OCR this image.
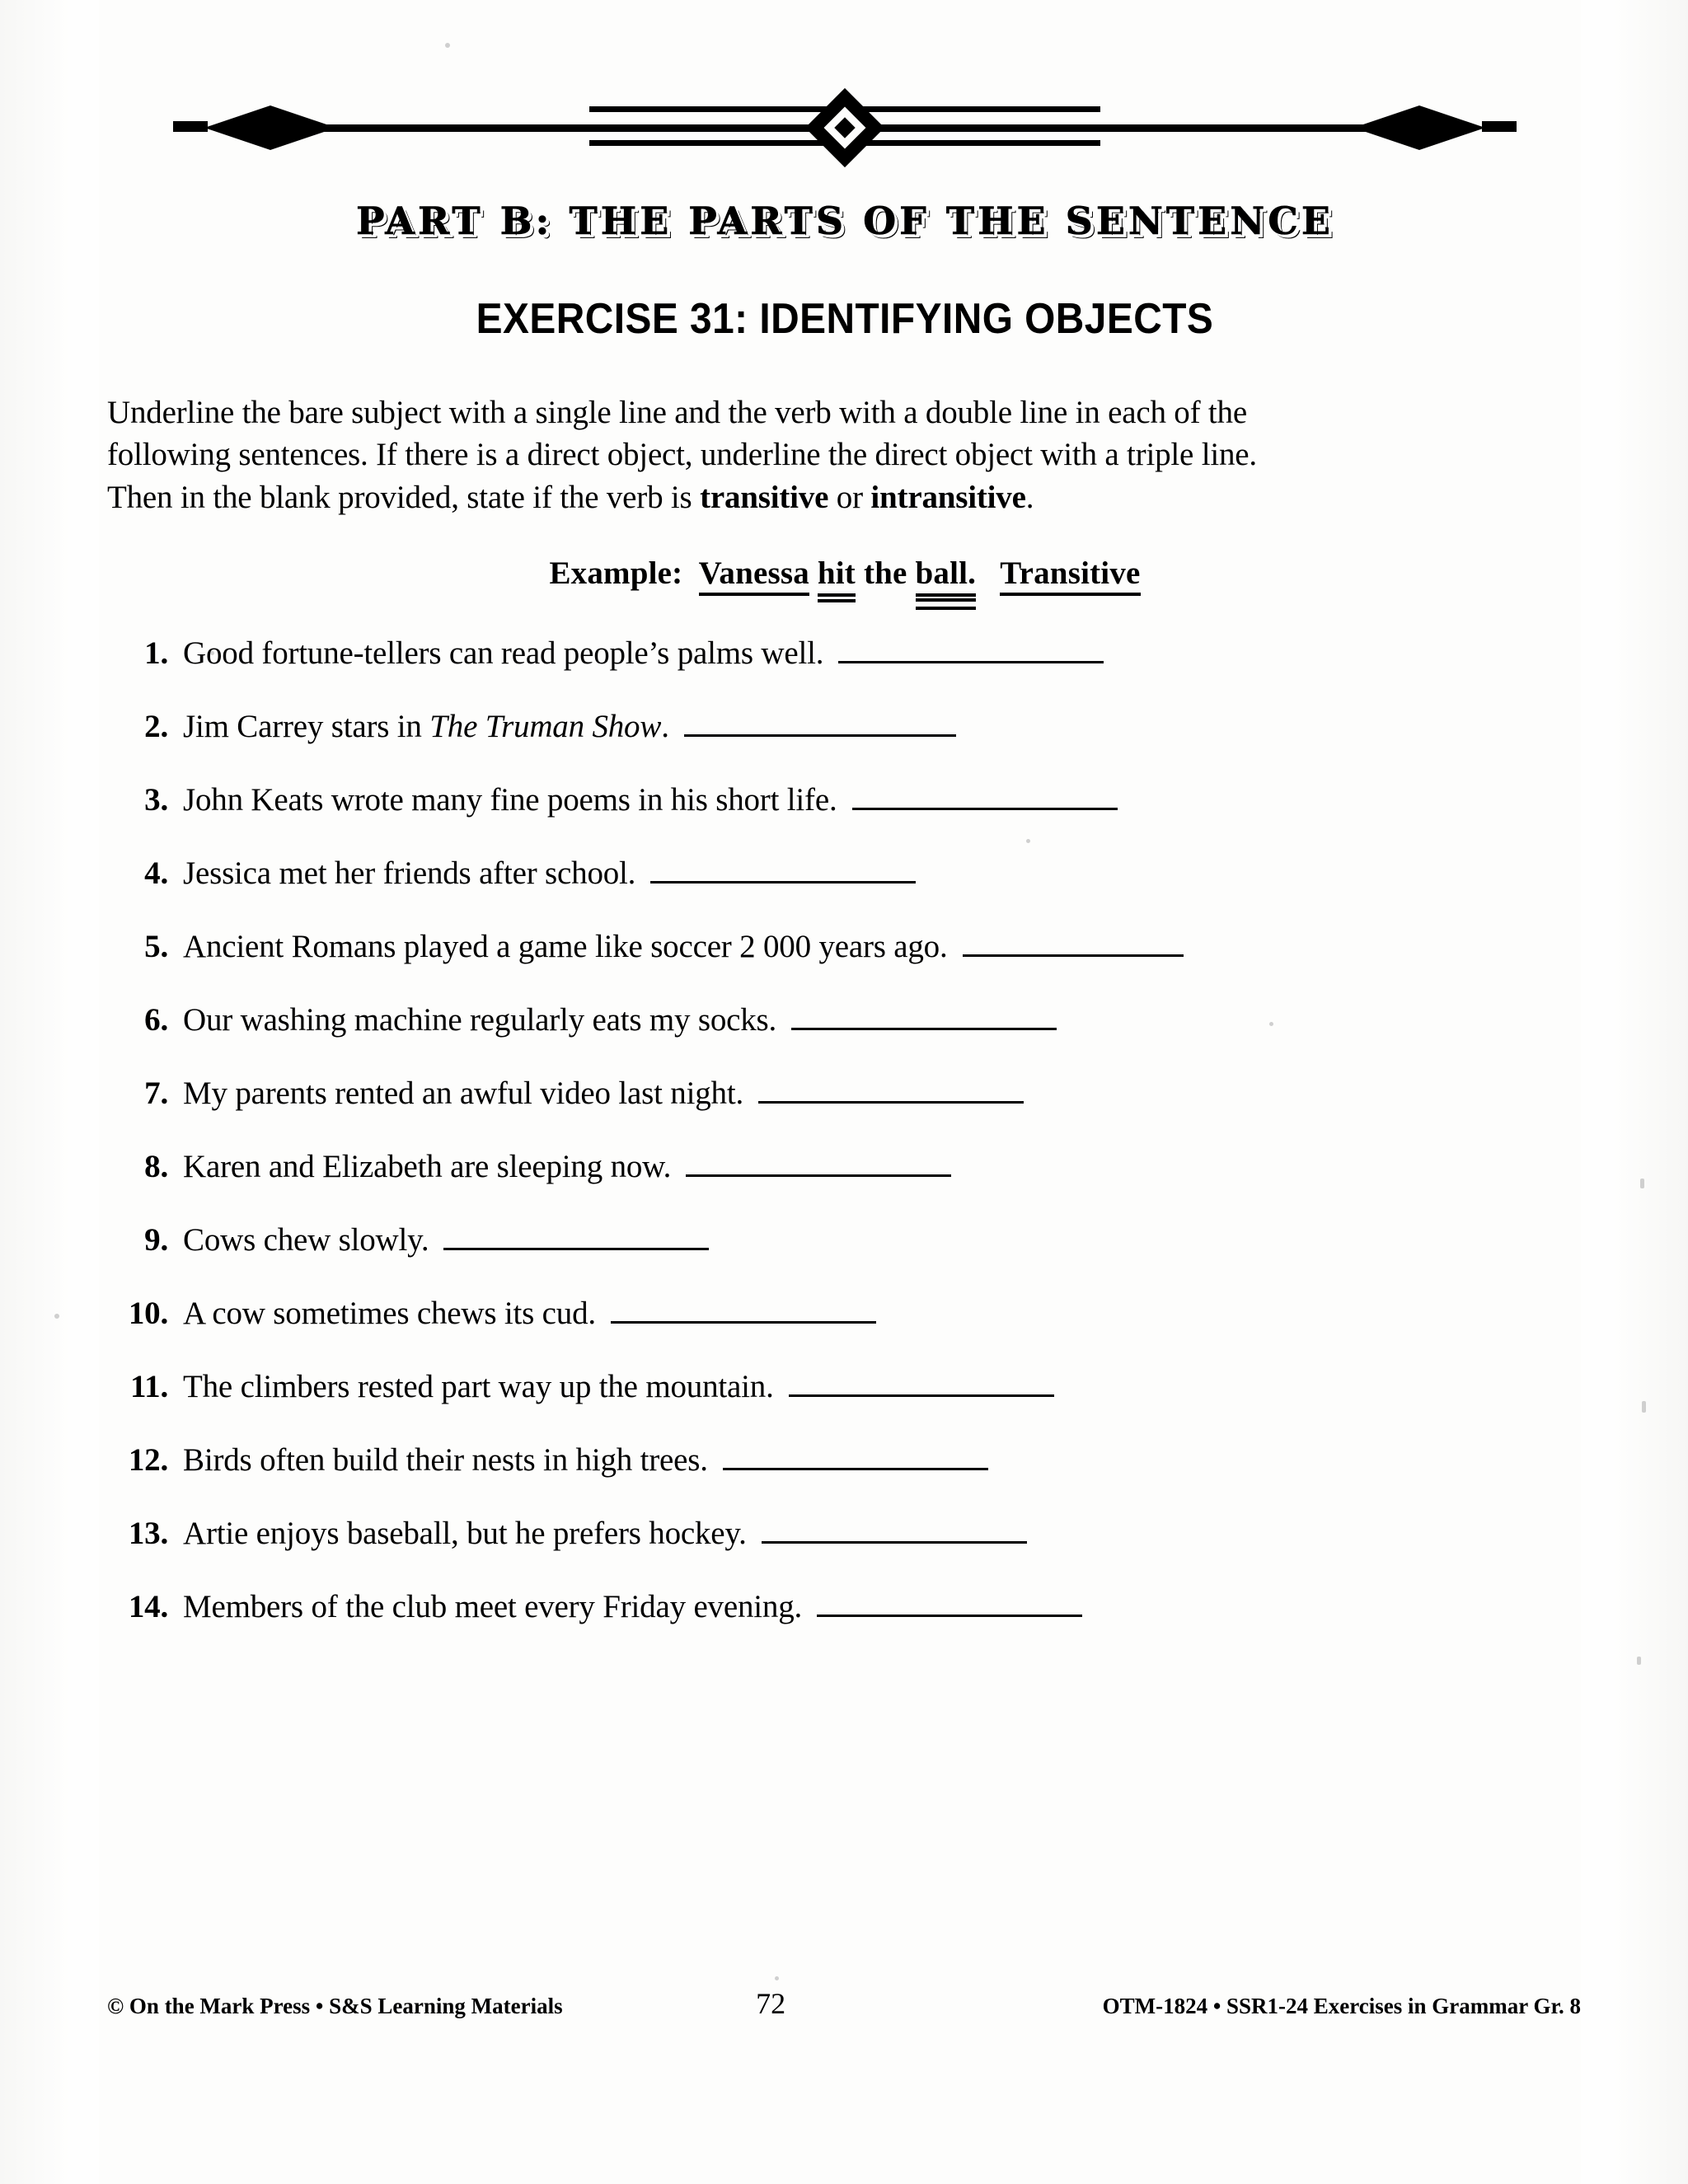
PART B: THE PARTS OF THE SENTENCE
EXERCISE 31: IDENTIFYING OBJECTS
Underline the bare subject with a single line and the verb with a double line in each of the
following sentences. If there is a direct object, underline the direct object with a triple line.
Then in the blank provided, state if the verb is transitive or intransitive.
Example: Vanessa hit the ball. Transitive
1. Good fortune-tellers can read people’s palms well.
2. Jim Carrey stars in The Truman Show.
3. John Keats wrote many fine poems in his short life.
4. Jessica met her friends after school.
5. Ancient Romans played a game like soccer 2 000 years ago.
6. Our washing machine regularly eats my socks.
7. My parents rented an awful video last night.
8. Karen and Elizabeth are sleeping now.
9. Cows chew slowly.
10. A cow sometimes chews its cud.
11. The climbers rested part way up the mountain.
12. Birds often build their nests in high trees.
13. Artie enjoys baseball, but he prefers hockey.
14. Members of the club meet every Friday evening.
© On the Mark Press • S&S Learning Materials	72	OTM-1824 • SSR1-24 Exercises in Grammar Gr. 8
